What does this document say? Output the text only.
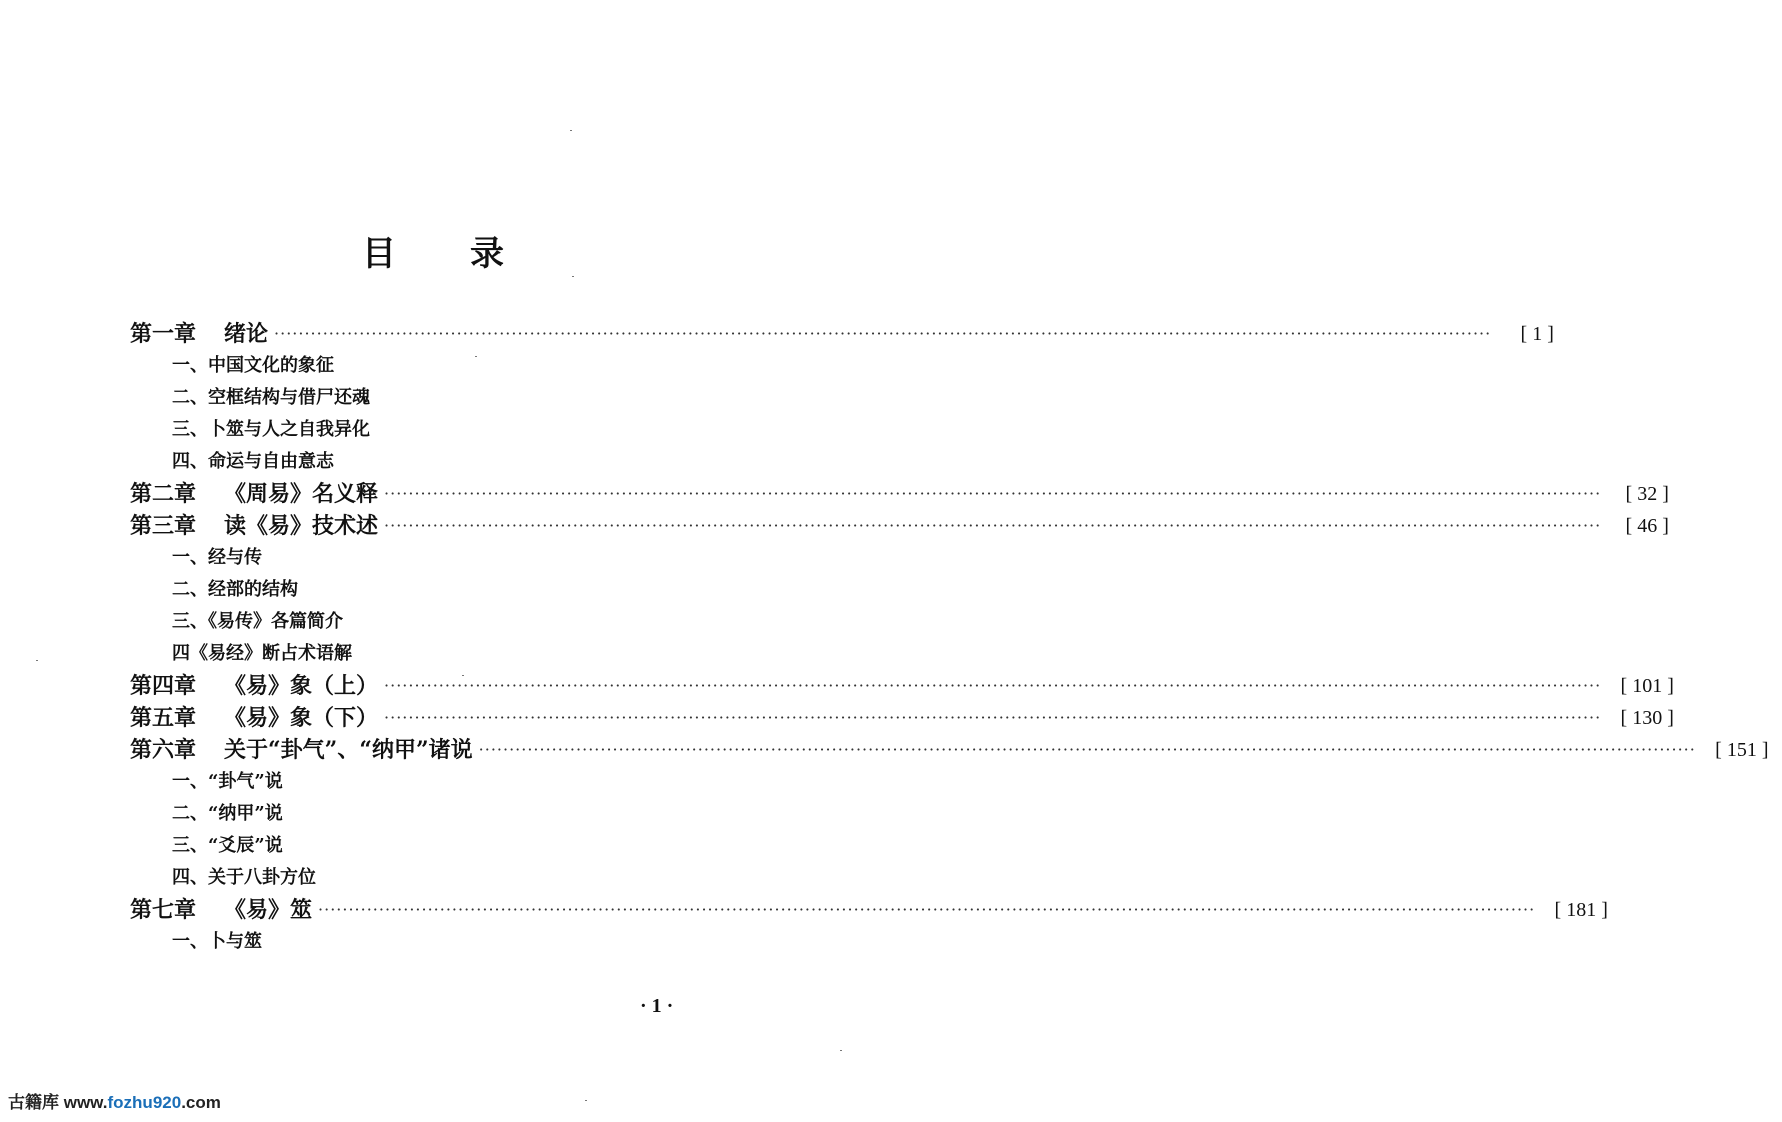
目 录
第一章 绪论 ········································································································································································································	[ 1 ]
一、中国文化的象征
二、空框结构与借尸还魂
三、卜筮与人之自我异化
四、命运与自由意志
第二章 《周易》名义释 ········································································································································································································	[ 32 ]
第三章 读《易》技术述 ········································································································································································································	[ 46 ]
一、经与传
二、经部的结构
三、《易传》各篇简介
四《易经》断占术语解
第四章 《易》象（上） ········································································································································································································ [ 101 ]
第五章 《易》象（下） ········································································································································································································ [ 130 ]
第六章 关于“卦气”、“纳甲”诸说 ········································································································································································································ [ 151 ]
一、“卦气”说
二、“纳甲”说
三、“爻辰”说
四、关于八卦方位
第七章 《易》筮 ········································································································································································································ [ 181 ]
一、卜与筮
· 1 ·
古籍库 www.fozhu920.com
